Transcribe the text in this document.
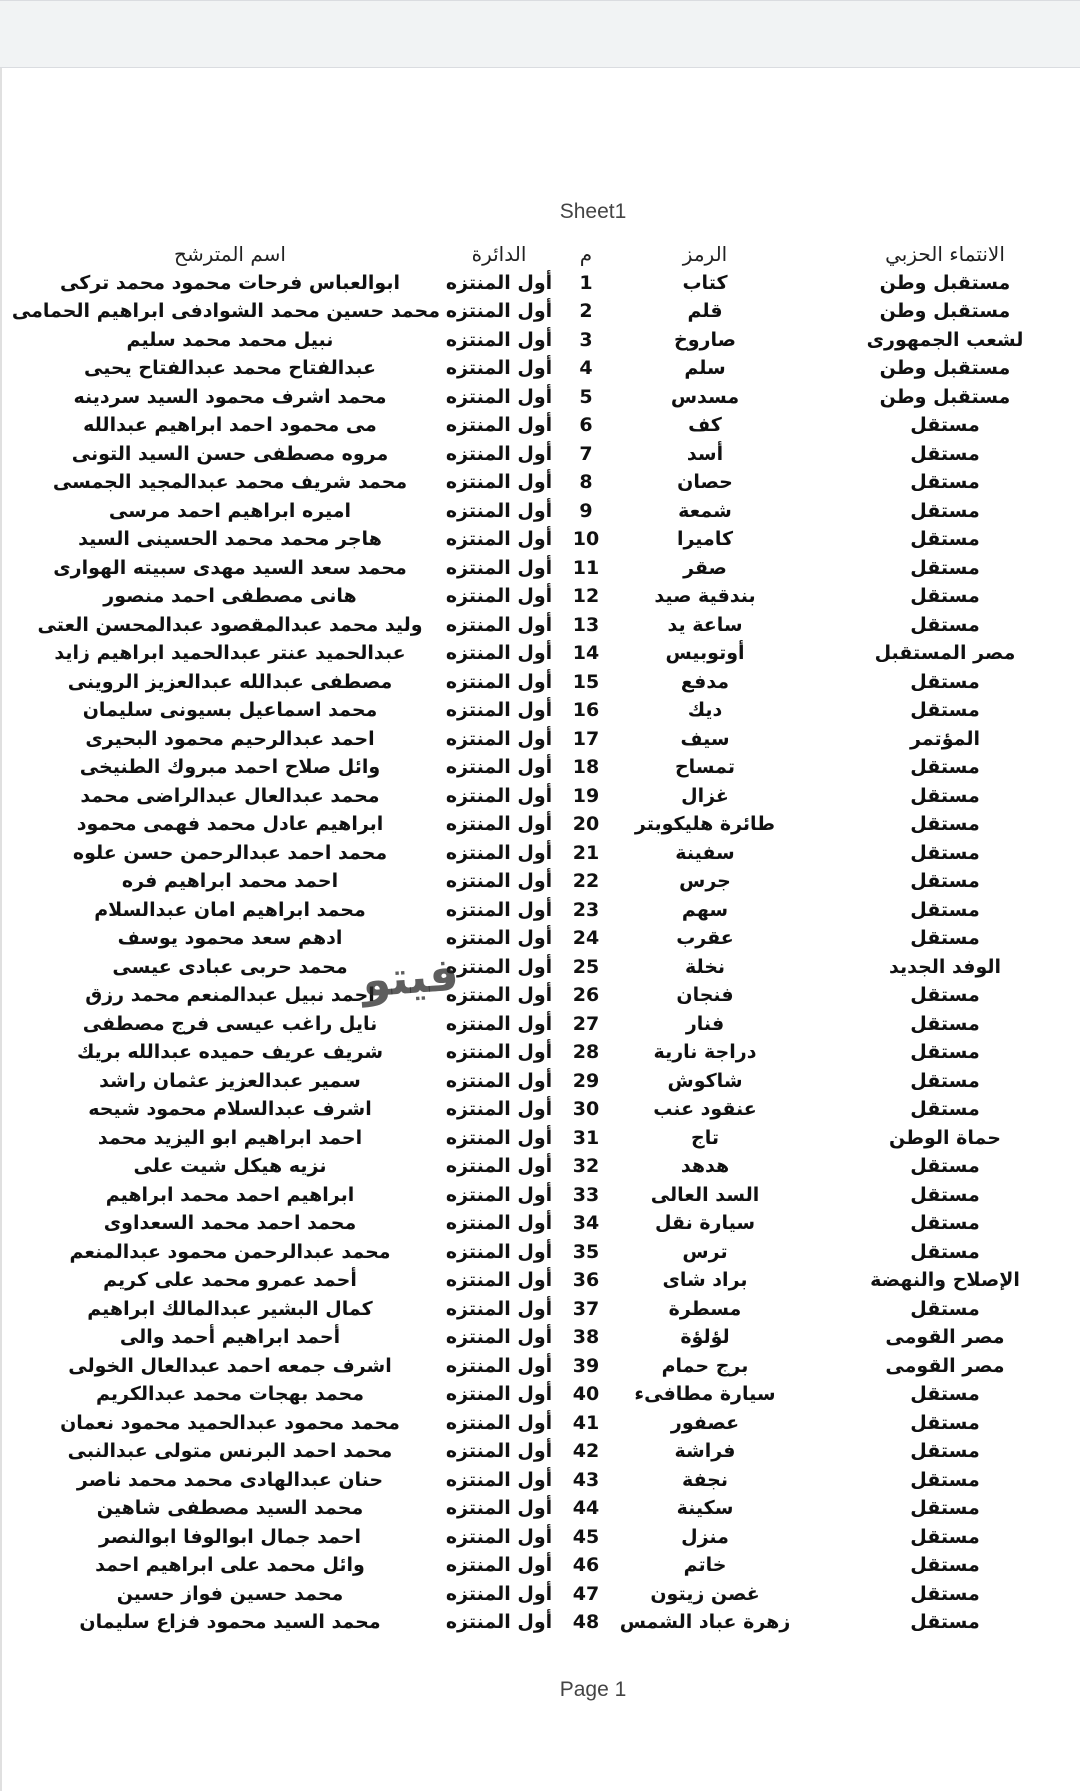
Sheet1
الانتماء الحزبي
الرمز
م
الدائرة
اسم المترشح
مستقبل وطن
كتاب
1
أول المنتزه
ابوالعباس فرحات محمود محمد تركى
مستقبل وطن
قلم
2
أول المنتزه
محمد حسين محمد الشوادفى ابراهيم الحمامى
لشعب الجمهورى
صاروخ
3
أول المنتزه
نبيل محمد محمد سليم
مستقبل وطن
سلم
4
أول المنتزه
عبدالفتاح محمد عبدالفتاح يحيى
مستقبل وطن
مسدس
5
أول المنتزه
محمد اشرف محمود السيد سردينه
مستقل
كف
6
أول المنتزه
مى محمود احمد ابراهيم عبدالله
مستقل
أسد
7
أول المنتزه
مروه مصطفى حسن السيد التونى
مستقل
حصان
8
أول المنتزه
محمد شريف محمد عبدالمجيد الجمسى
مستقل
شمعة
9
أول المنتزه
اميره ابراهيم احمد مرسى
مستقل
كاميرا
10
أول المنتزه
هاجر محمد محمد الحسينى السيد
مستقل
صقر
11
أول المنتزه
محمد سعد السيد مهدى سبيته الهوارى
مستقل
بندقية صيد
12
أول المنتزه
هانى مصطفى احمد منصور
مستقل
ساعة يد
13
أول المنتزه
وليد محمد عبدالمقصود عبدالمحسن العتى
مصر المستقبل
أوتوبيس
14
أول المنتزه
عبدالحميد عنتر عبدالحميد ابراهيم زايد
مستقل
مدفع
15
أول المنتزه
مصطفى عبدالله عبدالعزيز الروينى
مستقل
ديك
16
أول المنتزه
محمد اسماعيل بسيونى سليمان
المؤتمر
سيف
17
أول المنتزه
احمد عبدالرحيم محمود البحيرى
مستقل
تمساح
18
أول المنتزه
وائل صلاح احمد مبروك الطنيخى
مستقل
غزال
19
أول المنتزه
محمد عبدالعال عبدالراضى محمد
مستقل
طائرة هليكوبتر
20
أول المنتزه
ابراهيم عادل محمد فهمى محمود
مستقل
سفينة
21
أول المنتزه
محمد احمد عبدالرحمن حسن علوه
مستقل
جرس
22
أول المنتزه
احمد محمد ابراهيم فره
مستقل
سهم
23
أول المنتزه
محمد ابراهيم امان عبدالسلام
مستقل
عقرب
24
أول المنتزه
ادهم سعد محمود يوسف
الوفد الجديد
نخلة
25
أول المنتزه
محمد حربى عبادى عيسى
مستقل
فنجان
26
أول المنتزه
احمد نبيل عبدالمنعم محمد رزق
مستقل
فنار
27
أول المنتزه
نايل راغب عيسى فرج مصطفى
مستقل
دراجة نارية
28
أول المنتزه
شريف عريف حميده عبدالله بريك
مستقل
شاكوش
29
أول المنتزه
سمير عبدالعزيز عثمان راشد
مستقل
عنقود عنب
30
أول المنتزه
اشرف عبدالسلام محمود شيحه
حماة الوطن
تاج
31
أول المنتزه
احمد ابراهيم ابو اليزيد محمد
مستقل
هدهد
32
أول المنتزه
نزيه هيكل شيت على
مستقل
السد العالى
33
أول المنتزه
ابراهيم احمد محمد ابراهيم
مستقل
سيارة نقل
34
أول المنتزه
محمد احمد محمد السعداوى
مستقل
ترس
35
أول المنتزه
محمد عبدالرحمن محمود عبدالمنعم
الإصلاح والنهضة
براد شاى
36
أول المنتزه
أحمد عمرو محمد على كريم
مستقل
مسطرة
37
أول المنتزه
كمال البشير عبدالمالك ابراهيم
مصر القومى
لؤلؤة
38
أول المنتزه
أحمد ابراهيم أحمد والى
مصر القومى
برج حمام
39
أول المنتزه
اشرف جمعه احمد عبدالعال الخولى
مستقل
سيارة مطافىء
40
أول المنتزه
محمد بهجات محمد عبدالكريم
مستقل
عصفور
41
أول المنتزه
محمد محمود عبدالحميد محمود نعمان
مستقل
فراشة
42
أول المنتزه
محمد احمد البرنس متولى عبدالنبى
مستقل
نجفة
43
أول المنتزه
حنان عبدالهادى محمد محمد ناصر
مستقل
سكينة
44
أول المنتزه
محمد السيد مصطفى شاهين
مستقل
منزل
45
أول المنتزه
احمد جمال ابوالوفا ابوالنصر
مستقل
خاتم
46
أول المنتزه
وائل محمد على ابراهيم احمد
مستقل
غصن زيتون
47
أول المنتزه
محمد حسين فواز حسين
مستقل
زهرة عباد الشمس
48
أول المنتزه
محمد السيد محمود فزاع سليمان
فيتو
Page 1
